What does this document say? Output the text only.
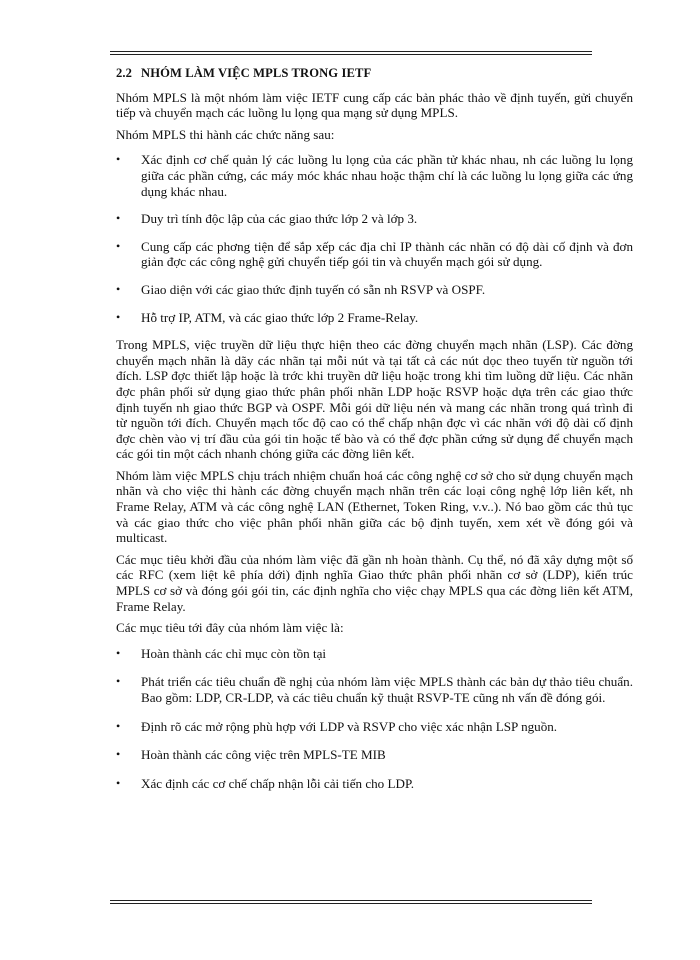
2.2 NHÓM LÀM VIỆC MPLS TRONG IETF

Nhóm MPLS là một nhóm làm việc IETF cung cấp các bản phác thảo về định tuyến, gửi chuyển tiếp và chuyển mạch các luồng lu lọng qua mạng sử dụng MPLS.

Nhóm MPLS thi hành các chức năng sau:

• Xác định cơ chế quản lý các luồng lu lọng của các phần tử khác nhau, nh các luồng lu lọng giữa các phần cứng, các máy móc khác nhau hoặc thậm chí là các luồng lu lọng giữa các ứng dụng khác nhau.
• Duy trì tính độc lập của các giao thức lớp 2 và lớp 3.
• Cung cấp các phơng tiện để sắp xếp các địa chỉ IP thành các nhãn có độ dài cố định và đơn giản đợc các công nghệ gửi chuyển tiếp gói tin và chuyển mạch gói sử dụng.
• Giao diện với các giao thức định tuyến có sẵn nh RSVP và OSPF.
• Hỗ trợ IP, ATM, và các giao thức lớp 2 Frame-Relay.

Trong MPLS, việc truyền dữ liệu thực hiện theo các đờng chuyển mạch nhãn (LSP). Các đờng chuyển mạch nhãn là dãy các nhãn tại mỗi nút và tại tất cả các nút dọc theo tuyến từ nguồn tới đích. LSP đợc thiết lập hoặc là trớc khi truyền dữ liệu hoặc trong khi tìm luồng dữ liệu. Các nhãn đợc phân phối sử dụng giao thức phân phối nhãn LDP hoặc RSVP hoặc dựa trên các giao thức định tuyến nh giao thức BGP và OSPF. Mỗi gói dữ liệu nén và mang các nhãn trong quá trình đi từ nguồn tới đích. Chuyển mạch tốc độ cao có thể chấp nhận đợc vì các nhãn với độ dài cố định đợc chèn vào vị trí đầu của gói tin hoặc tế bào và có thể đợc phần cứng sử dụng để chuyển mạch các gói tin một cách nhanh chóng giữa các đờng liên kết.

Nhóm làm việc MPLS chịu trách nhiệm chuẩn hoá các công nghệ cơ sở cho sử dụng chuyển mạch nhãn và cho việc thi hành các đờng chuyển mạch nhãn trên các loại công nghệ lớp liên kết, nh Frame Relay, ATM và các công nghệ LAN (Ethernet, Token Ring, v.v..). Nó bao gồm các thủ tục và các giao thức cho việc phân phối nhãn giữa các bộ định tuyến, xem xét về đóng gói và multicast.

Các mục tiêu khởi đầu của nhóm làm việc đã gần nh hoàn thành. Cụ thể, nó đã xây dựng một số các RFC (xem liệt kê phía dới) định nghĩa Giao thức phân phối nhãn cơ sở (LDP), kiến trúc MPLS cơ sở và đóng gói gói tin, các định nghĩa cho việc chạy MPLS qua các đờng liên kết ATM, Frame Relay.

Các mục tiêu tới đây của nhóm làm việc là:

• Hoàn thành các chỉ mục còn tồn tại
• Phát triển các tiêu chuẩn đề nghị của nhóm làm việc MPLS thành các bản dự thảo tiêu chuẩn. Bao gồm: LDP, CR-LDP, và các tiêu chuẩn kỹ thuật RSVP-TE cũng nh vấn đề đóng gói.
• Định rõ các mở rộng phù hợp với LDP và RSVP cho việc xác nhận LSP nguồn.
• Hoàn thành các công việc trên MPLS-TE MIB
• Xác định các cơ chế chấp nhận lỗi cải tiến cho LDP.
